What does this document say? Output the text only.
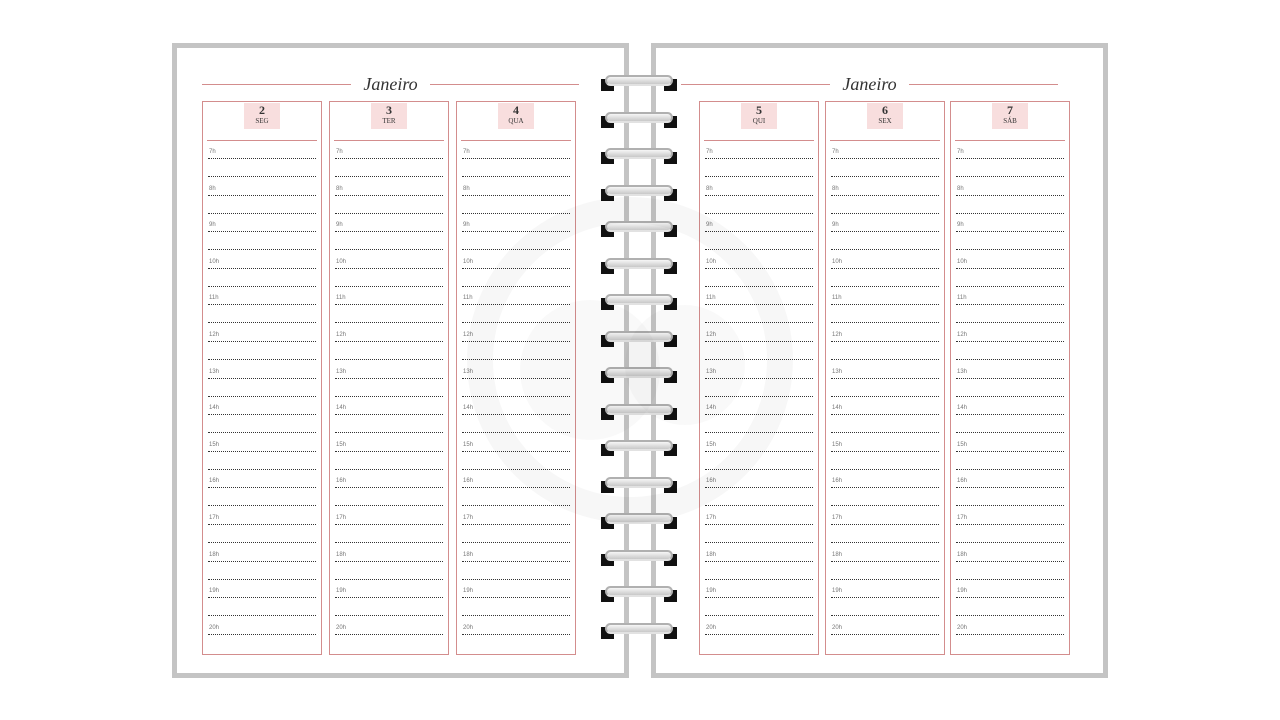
Janeiro
2
SEG
7h
8h
9h
10h
11h
12h
13h
14h
15h
16h
17h
18h
19h
20h
3
TER
7h
8h
9h
10h
11h
12h
13h
14h
15h
16h
17h
18h
19h
20h
4
QUA
7h
8h
9h
10h
11h
12h
13h
14h
15h
16h
17h
18h
19h
20h
Janeiro
5
QUI
7h
8h
9h
10h
11h
12h
13h
14h
15h
16h
17h
18h
19h
20h
6
SEX
7h
8h
9h
10h
11h
12h
13h
14h
15h
16h
17h
18h
19h
20h
7
SÁB
7h
8h
9h
10h
11h
12h
13h
14h
15h
16h
17h
18h
19h
20h
